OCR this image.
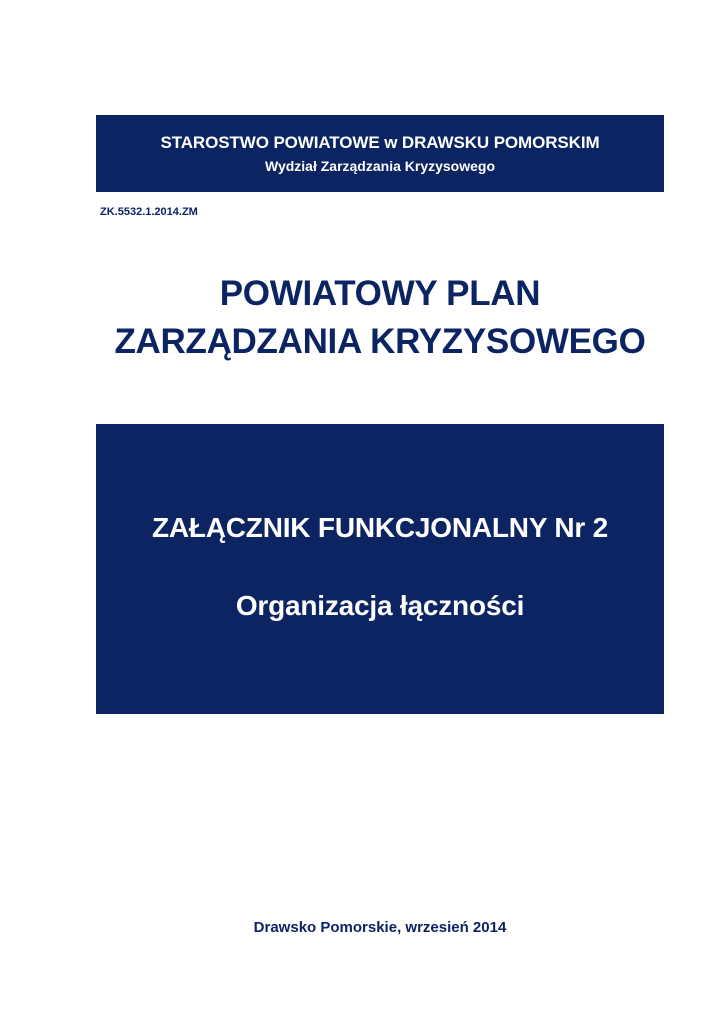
STAROSTWO POWIATOWE w DRAWSKU POMORSKIM
Wydział Zarządzania Kryzysowego
ZK.5532.1.2014.ZM
POWIATOWY PLAN
ZARZĄDZANIA KRYZYSOWEGO
ZAŁĄCZNIK FUNKCJONALNY Nr 2
Organizacja łączności
Drawsko Pomorskie, wrzesień 2014
